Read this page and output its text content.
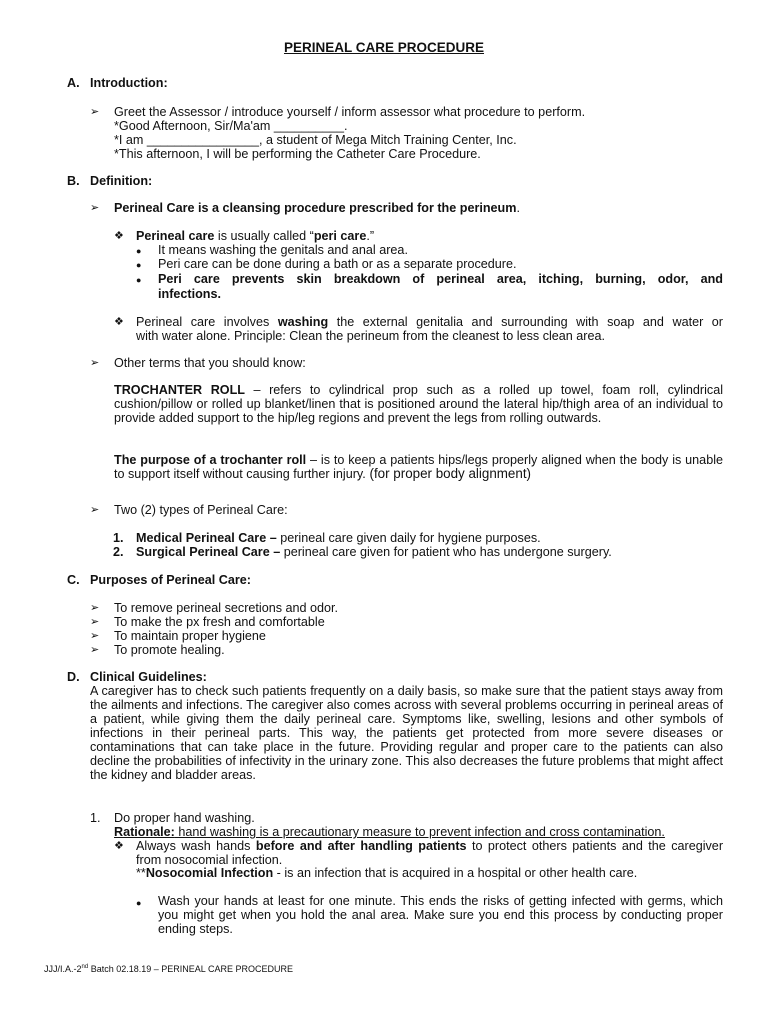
PERINEAL CARE PROCEDURE
A. Introduction:
➢ Greet the Assessor / introduce yourself / inform assessor what procedure to perform.
*Good Afternoon, Sir/Ma'am __________.
*I am ________________, a student of Mega Mitch Training Center, Inc.
*This afternoon, I will be performing the Catheter Care Procedure.
B. Definition:
➢ Perineal Care is a cleansing procedure prescribed for the perineum.
❖ Perineal care is usually called “peri care.”
● It means washing the genitals and anal area.
● Peri care can be done during a bath or as a separate procedure.
● Peri care prevents skin breakdown of perineal area, itching, burning, odor, and
infections.
❖ Perineal care involves washing the external genitalia and surrounding with soap and water or
with water alone. Principle: Clean the perineum from the cleanest to less clean area.
➢ Other terms that you should know:
TROCHANTER ROLL – refers to cylindrical prop such as a rolled up towel, foam roll, cylindrical cushion/pillow or rolled up blanket/linen that is positioned around the lateral hip/thigh area of an individual to provide added support to the hip/leg regions and prevent the legs from rolling outwards.
The purpose of a trochanter roll – is to keep a patients hips/legs properly aligned when the body is unable to support itself without causing further injury. (for proper body alignment)
➢ Two (2) types of Perineal Care:
1. Medical Perineal Care – perineal care given daily for hygiene purposes.
2. Surgical Perineal Care – perineal care given for patient who has undergone surgery.
C. Purposes of Perineal Care:
➢ To remove perineal secretions and odor.
➢ To make the px fresh and comfortable
➢ To maintain proper hygiene
➢ To promote healing.
D. Clinical Guidelines:
A caregiver has to check such patients frequently on a daily basis, so make sure that the patient stays away from the ailments and infections. The caregiver also comes across with several problems occurring in perineal areas of a patient, while giving them the daily perineal care. Symptoms like, swelling, lesions and other symbols of infections in their perineal parts. This way, the patients get protected from more severe diseases or contaminations that can take place in the future. Providing regular and proper care to the patients can also decline the probabilities of infectivity in the urinary zone. This also decreases the future problems that might affect the kidney and bladder areas.
1. Do proper hand washing.
Rationale: hand washing is a precautionary measure to prevent infection and cross contamination.
❖ Always wash hands before and after handling patients to protect others patients and the caregiver from nosocomial infection.
**Nosocomial Infection - is an infection that is acquired in a hospital or other health care.
● Wash your hands at least for one minute. This ends the risks of getting infected with germs, which you might get when you hold the anal area. Make sure you end this process by conducting proper ending steps.
JJJ/I.A.-2nd Batch 02.18.19 – PERINEAL CARE PROCEDURE
